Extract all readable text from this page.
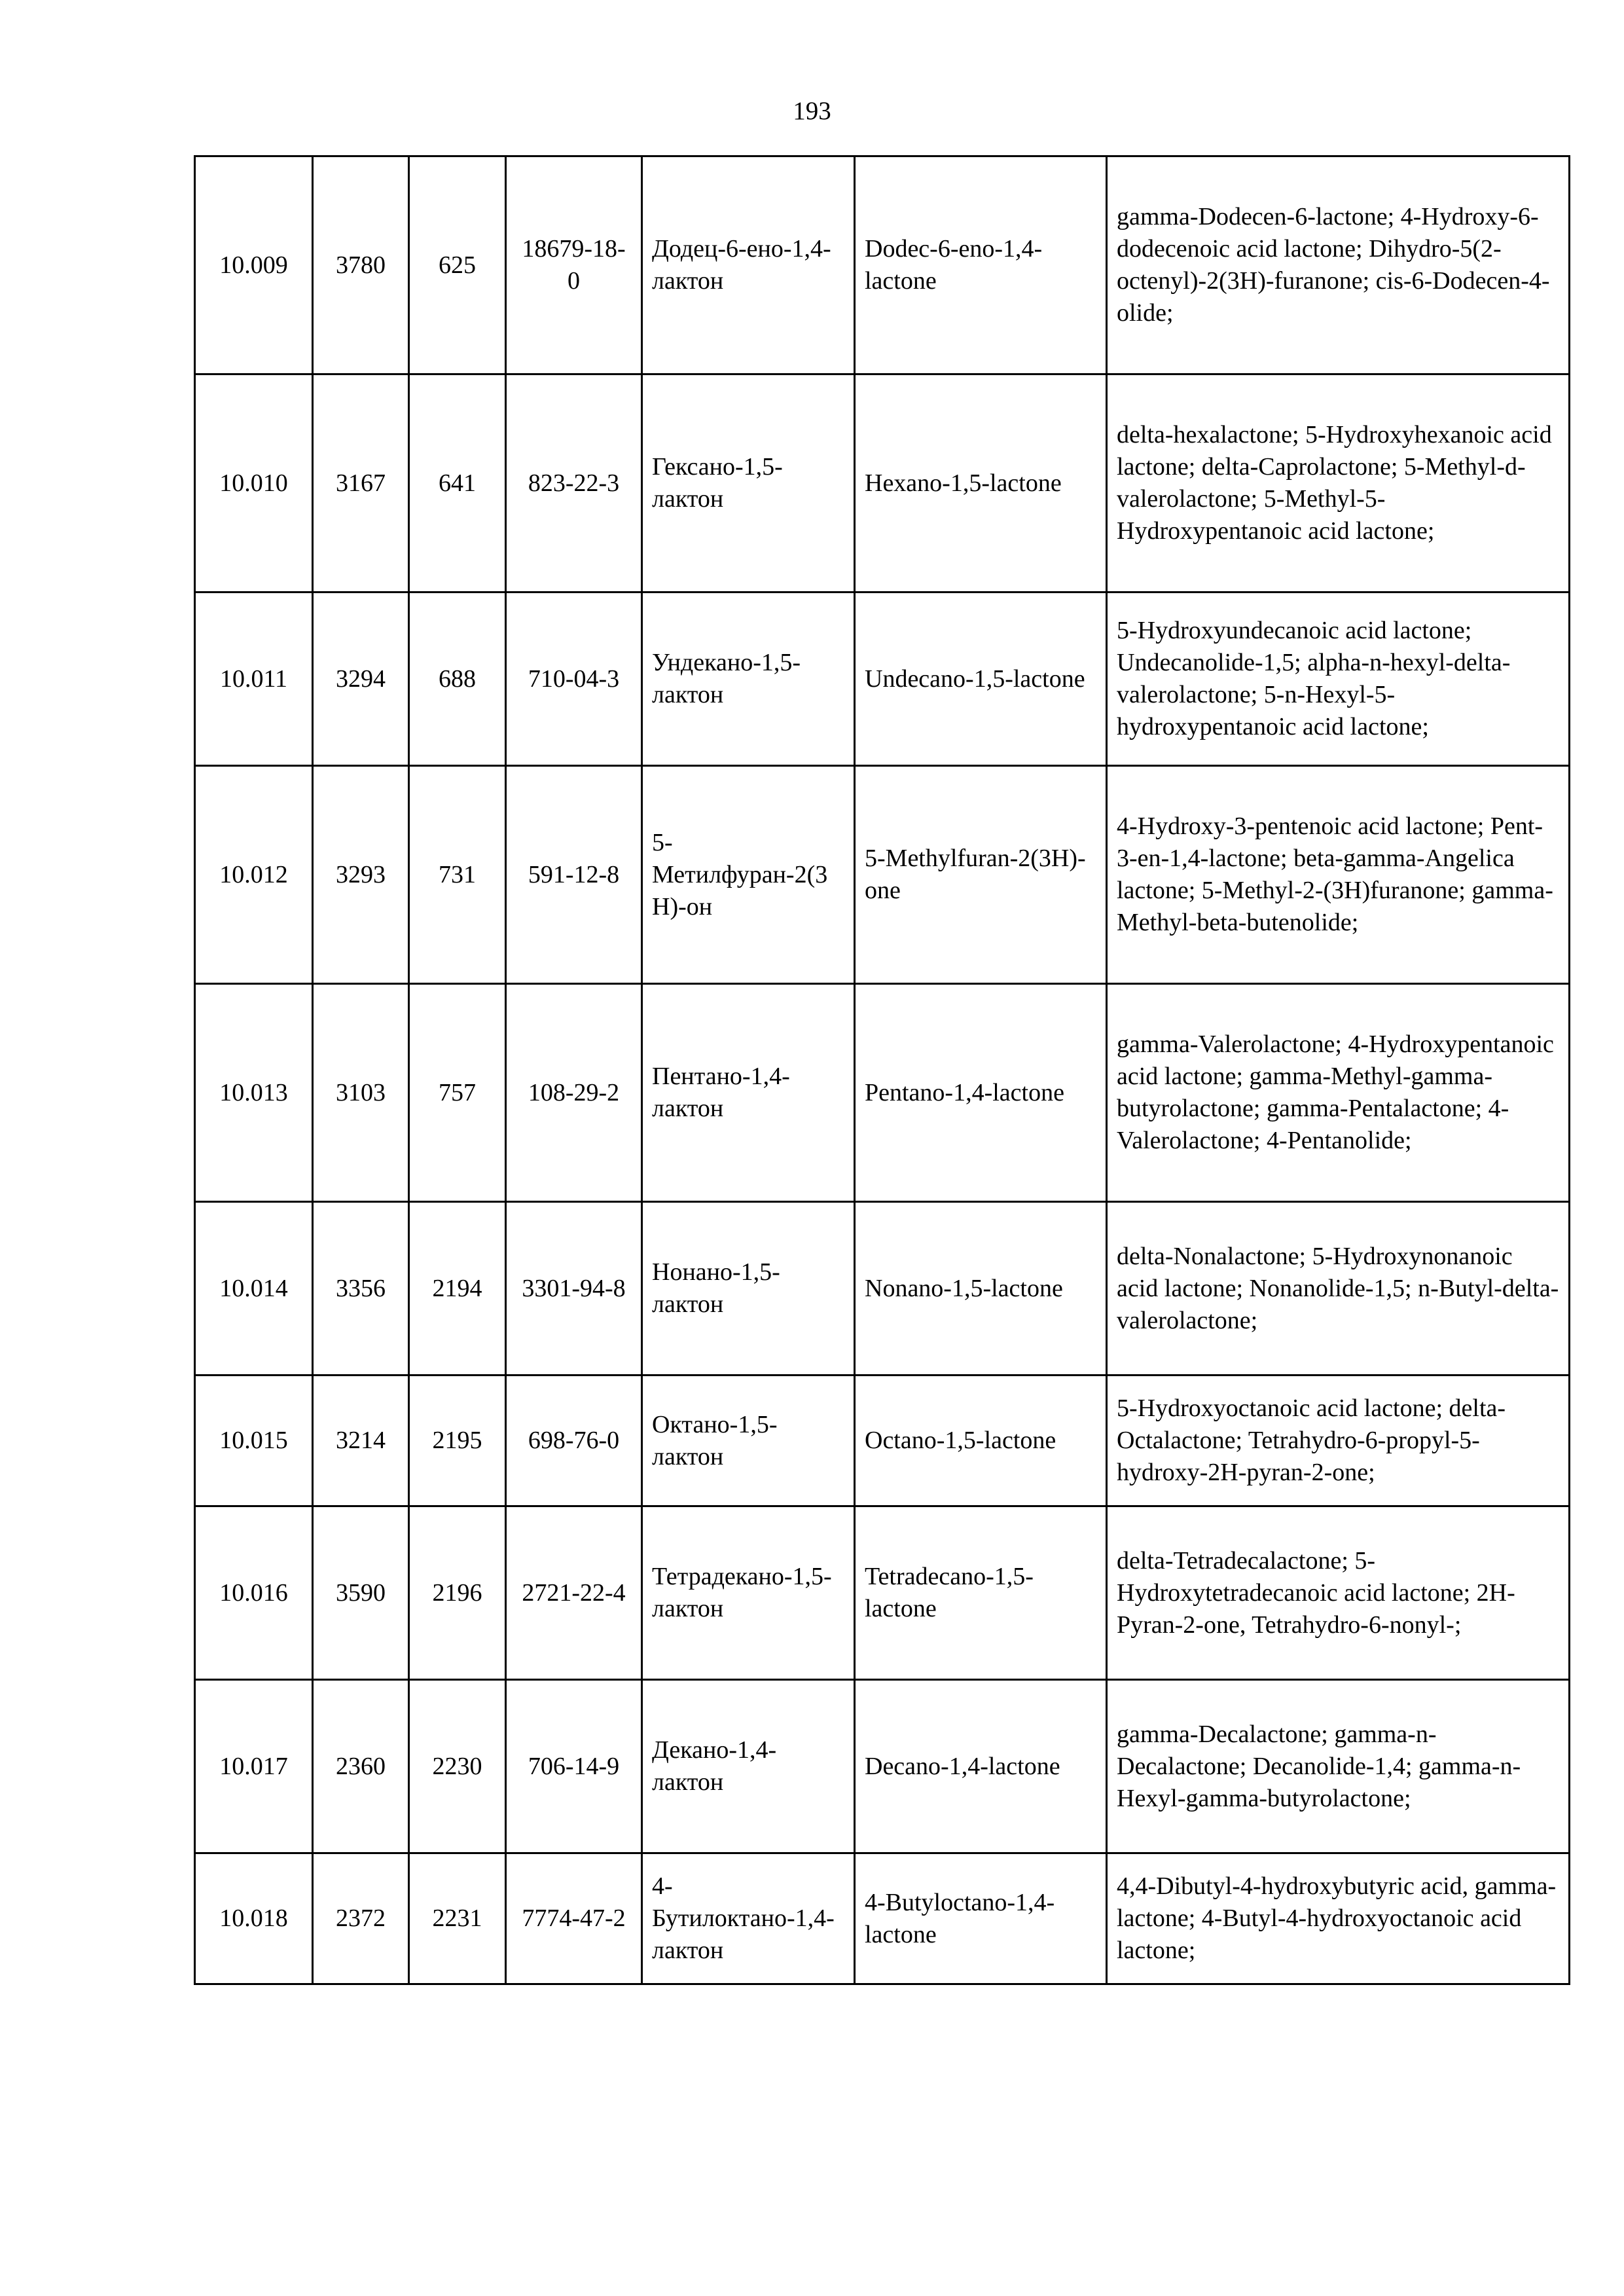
193
10.009	3780	625	18679-18-0	Додец-6-ено-1,4-лактон	Dodec-6-eno-1,4-lactone	gamma-Dodecen-6-lactone; 4-Hydroxy-6-dodecenoic acid lactone; Dihydro-5(2-octenyl)-2(3H)-furanone; cis-6-Dodecen-4-olide;
10.010	3167	641	823-22-3	Гексано-1,5-лактон	Hexano-1,5-lactone	delta-hexalactone; 5-Hydroxyhexanoic acid lactone; delta-Caprolactone; 5-Methyl-d-valerolactone; 5-Methyl-5-Hydroxypentanoic acid lactone;
10.011	3294	688	710-04-3	Ундекано-1,5-лактон	Undecano-1,5-lactone	5-Hydroxyundecanoic acid lactone; Undecanolide-1,5; alpha-n-hexyl-delta-valerolactone; 5-n-Hexyl-5-hydroxypentanoic acid lactone;
10.012	3293	731	591-12-8	5-Метилфуран-2(3H)-он	5-Methylfuran-2(3H)-one	4-Hydroxy-3-pentenoic acid lactone; Pent-3-en-1,4-lactone; beta-gamma-Angelica lactone; 5-Methyl-2-(3H)furanone; gamma-Methyl-beta-butenolide;
10.013	3103	757	108-29-2	Пентано-1,4-лактон	Pentano-1,4-lactone	gamma-Valerolactone; 4-Hydroxypentanoic acid lactone; gamma-Methyl-gamma-butyrolactone; gamma-Pentalactone; 4-Valerolactone; 4-Pentanolide;
10.014	3356	2194	3301-94-8	Нонано-1,5-лактон	Nonano-1,5-lactone	delta-Nonalactone; 5-Hydroxynonanoic acid lactone; Nonanolide-1,5; n-Butyl-delta-valerolactone;
10.015	3214	2195	698-76-0	Октано-1,5-лактон	Octano-1,5-lactone	5-Hydroxyoctanoic acid lactone; delta-Octalactone; Tetrahydro-6-propyl-5-hydroxy-2H-pyran-2-one;
10.016	3590	2196	2721-22-4	Тетрадекано-1,5-лактон	Tetradecano-1,5-lactone	delta-Tetradecalactone; 5-Hydroxytetradecanoic acid lactone; 2H-Pyran-2-one, Tetrahydro-6-nonyl-;
10.017	2360	2230	706-14-9	Декано-1,4-лактон	Decano-1,4-lactone	gamma-Decalactone; gamma-n-Decalactone; Decanolide-1,4; gamma-n-Hexyl-gamma-butyrolactone;
10.018	2372	2231	7774-47-2	4-Бутилоктано-1,4-лактон	4-Butyloctano-1,4-lactone	4,4-Dibutyl-4-hydroxybutyric acid, gamma-lactone; 4-Butyl-4-hydroxyoctanoic acid lactone;
